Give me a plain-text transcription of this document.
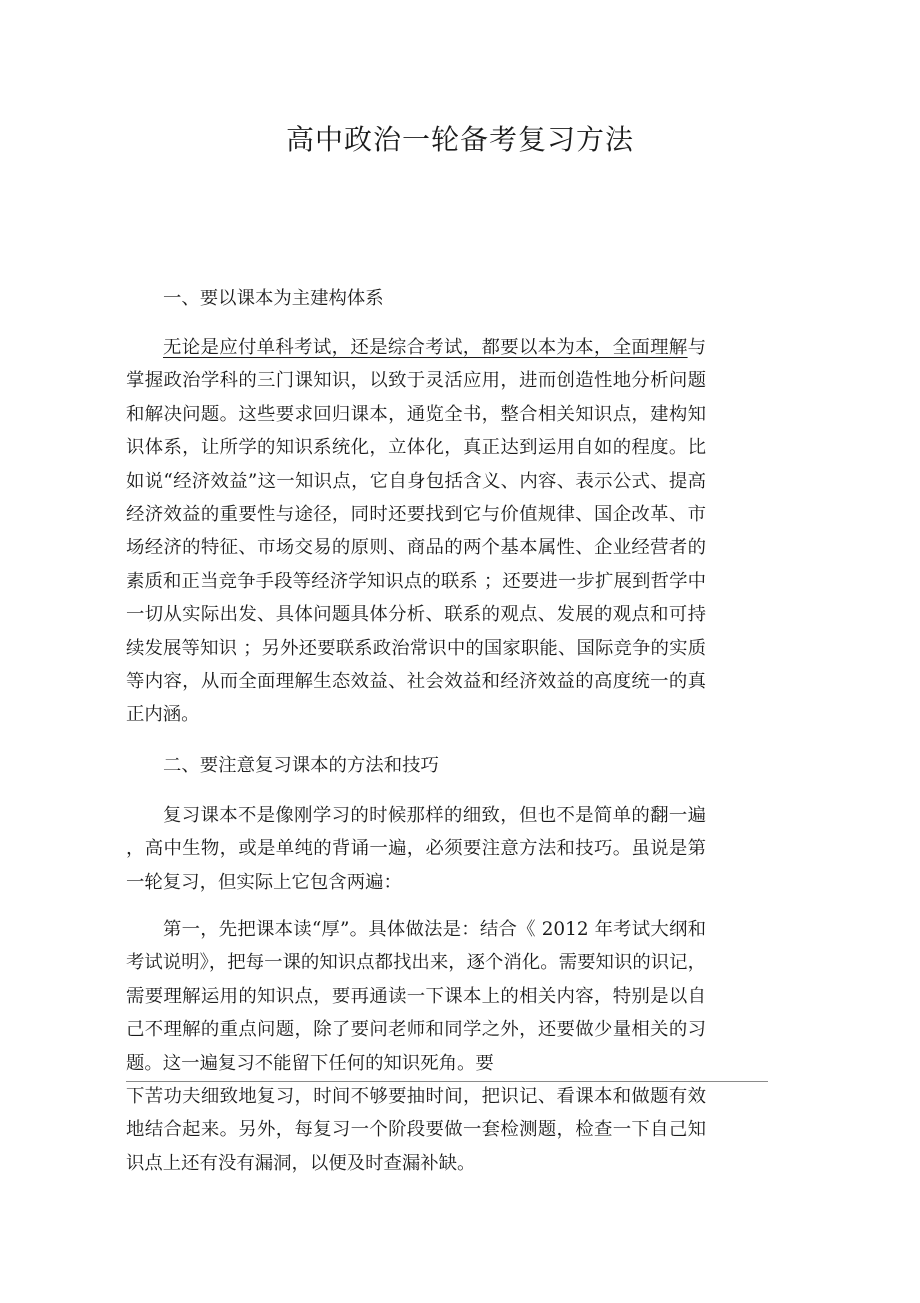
高中政治一轮备考复习方法

一、要以课本为主建构体系

无论是应付单科考试，还是综合考试，都要以本为本，全面理解与掌握政治学科的三门课知识，以致于灵活应用，进而创造性地分析问题和解决问题。这些要求回归课本，通览全书，整合相关知识点，建构知识体系，让所学的知识系统化，立体化，真正达到运用自如的程度。比如说“经济效益”这一知识点，它自身包括含义、内容、表示公式、提高经济效益的重要性与途径，同时还要找到它与价值规律、国企改革、市场经济的特征、市场交易的原则、商品的两个基本属性、企业经营者的素质和正当竞争手段等经济学知识点的联系 ；还要进一步扩展到哲学中一切从实际出发、具体问题具体分析、联系的观点、发展的观点和可持续发展等知识 ；另外还要联系政治常识中的国家职能、国际竞争的实质等内容，从而全面理解生态效益、社会效益和经济效益的高度统一的真正内涵。

二、要注意复习课本的方法和技巧

复习课本不是像刚学习的时候那样的细致，但也不是简单的翻一遍 ，高中生物，或是单纯的背诵一遍，必须要注意方法和技巧。虽说是第一轮复习，但实际上它包含两遍：

第一，先把课本读“厚”。具体做法是：结合《 2012 年考试大纲和考试说明》，把每一课的知识点都找出来，逐个消化。需要知识的识记，需要理解运用的知识点，要再通读一下课本上的相关内容，特别是以自己不理解的重点问题，除了要问老师和同学之外，还要做少量相关的习题。这一遍复习不能留下任何的知识死角。要

下苦功夫细致地复习，时间不够要抽时间，把识记、看课本和做题有效地结合起来。另外，每复习一个阶段要做一套检测题，检查一下自己知识点上还有没有漏洞，以便及时查漏补缺。
